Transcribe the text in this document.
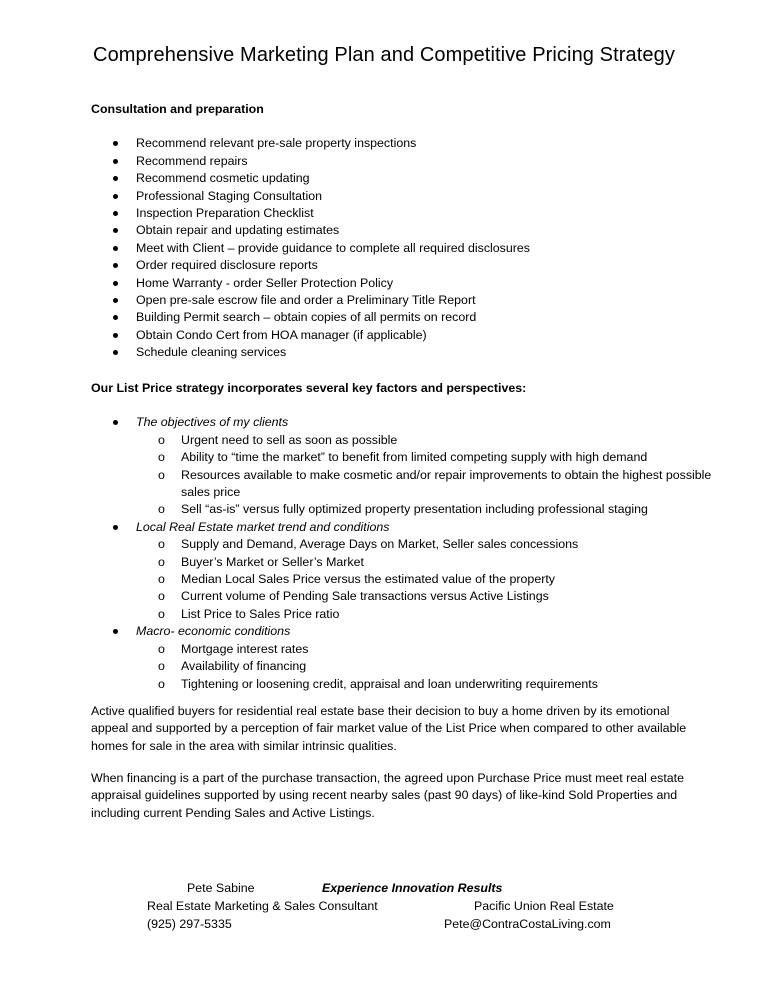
Comprehensive Marketing Plan and Competitive Pricing Strategy
Consultation and preparation
Recommend relevant pre-sale property inspections
Recommend repairs
Recommend cosmetic updating
Professional Staging Consultation
Inspection Preparation Checklist
Obtain repair and updating estimates
Meet with Client – provide guidance to complete all required disclosures
Order required disclosure reports
Home Warranty - order Seller Protection Policy
Open pre-sale escrow file and order a Preliminary Title Report
Building Permit search – obtain copies of all permits on record
Obtain Condo Cert from HOA manager (if applicable)
Schedule cleaning services
Our List Price strategy incorporates several key factors and perspectives:
The objectives of my clients
o Urgent need to sell as soon as possible
o Ability to “time the market” to benefit from limited competing supply with high demand
o Resources available to make cosmetic and/or repair improvements to obtain the highest possible sales price
o Sell “as-is” versus fully optimized property presentation including professional staging
Local Real Estate market trend and conditions
o Supply and Demand, Average Days on Market, Seller sales concessions
o Buyer’s Market or Seller’s Market
o Median Local Sales Price versus the estimated value of the property
o Current volume of Pending Sale transactions versus Active Listings
o List Price to Sales Price ratio
Macro- economic conditions
o Mortgage interest rates
o Availability of financing
o Tightening or loosening credit, appraisal and loan underwriting requirements

Active qualified buyers for residential real estate base their decision to buy a home driven by its emotional appeal and supported by a perception of fair market value of the List Price when compared to other available homes for sale in the area with similar intrinsic qualities.

When financing is a part of the purchase transaction, the agreed upon Purchase Price must meet real estate appraisal guidelines supported by using recent nearby sales (past 90 days) of like-kind Sold Properties and including current Pending Sales and Active Listings.

Pete Sabine	Experience Innovation Results
Real Estate Marketing & Sales Consultant	Pacific Union Real Estate
(925) 297-5335	Pete@ContraCostaLiving.com
